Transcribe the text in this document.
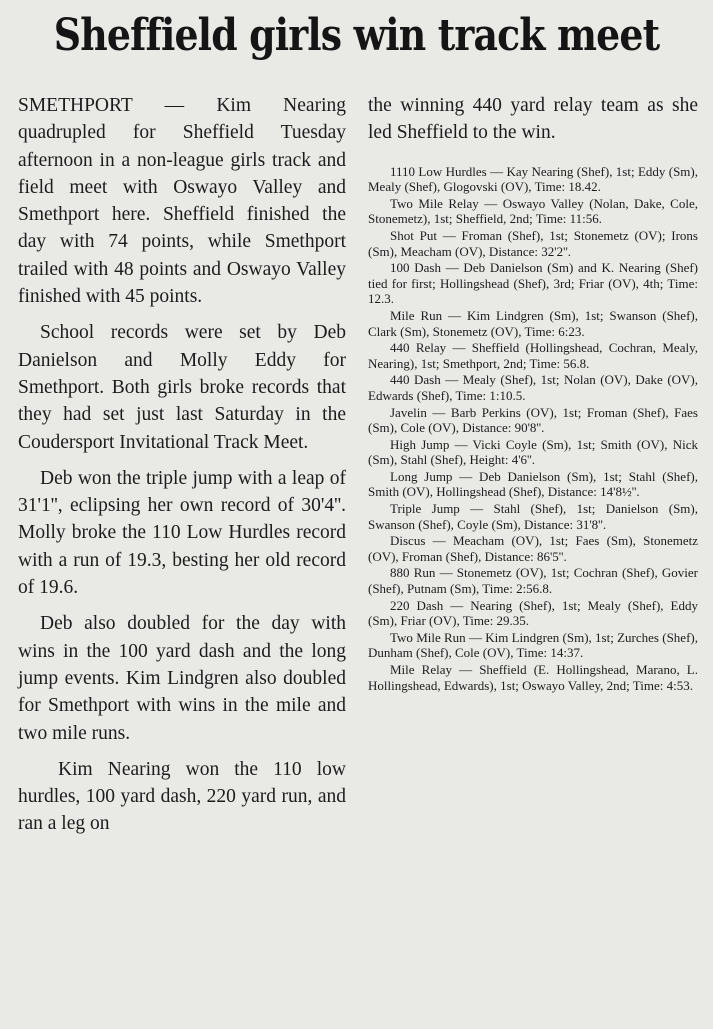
Sheffield girls win track meet

SMETHPORT — Kim Nearing quadrupled for Sheffield Tuesday afternoon in a non-league girls track and field meet with Oswayo Valley and Smethport here. Sheffield finished the day with 74 points, while Smethport trailed with 48 points and Oswayo Valley finished with 45 points.

School records were set by Deb Danielson and Molly Eddy for Smethport. Both girls broke records that they had set just last Saturday in the Coudersport Invitational Track Meet.

Deb won the triple jump with a leap of 31'1'', eclipsing her own record of 30'4''. Molly broke the 110 Low Hurdles record with a run of 19.3, besting her old record of 19.6.

Deb also doubled for the day with wins in the 100 yard dash and the long jump events. Kim Lindgren also doubled for Smethport with wins in the mile and two mile runs.

Kim Nearing won the 110 low hurdles, 100 yard dash, 220 yard run, and ran a leg on

the winning 440 yard relay team as she led Sheffield to the win.

1110 Low Hurdles — Kay Nearing (Shef), 1st; Eddy (Sm), Mealy (Shef), Glogovski (OV), Time: 18.42.

Two Mile Relay — Oswayo Valley (Nolan, Dake, Cole, Stonemetz), 1st; Sheffield, 2nd; Time: 11:56.

Shot Put — Froman (Shef), 1st; Stonemetz (OV); Irons (Sm), Meacham (OV), Distance: 32'2''.

100 Dash — Deb Danielson (Sm) and K. Nearing (Shef) tied for first; Hollingshead (Shef), 3rd; Friar (OV), 4th; Time: 12.3.

Mile Run — Kim Lindgren (Sm), 1st; Swanson (Shef), Clark (Sm), Stonemetz (OV), Time: 6:23.

440 Relay — Sheffield (Hollingshead, Cochran, Mealy, Nearing), 1st; Smethport, 2nd; Time: 56.8.

440 Dash — Mealy (Shef), 1st; Nolan (OV), Dake (OV), Edwards (Shef), Time: 1:10.5.

Javelin — Barb Perkins (OV), 1st; Froman (Shef), Faes (Sm), Cole (OV), Distance: 90'8''.

High Jump — Vicki Coyle (Sm), 1st; Smith (OV), Nick (Sm), Stahl (Shef), Height: 4'6''.

Long Jump — Deb Danielson (Sm), 1st; Stahl (Shef), Smith (OV), Hollingshead (Shef), Distance: 14'8½''.

Triple Jump — Stahl (Shef), 1st; Danielson (Sm), Swanson (Shef), Coyle (Sm), Distance: 31'8''.

Discus — Meacham (OV), 1st; Faes (Sm), Stonemetz (OV), Froman (Shef), Distance: 86'5''.

880 Run — Stonemetz (OV), 1st; Cochran (Shef), Govier (Shef), Putnam (Sm), Time: 2:56.8.

220 Dash — Nearing (Shef), 1st; Mealy (Shef), Eddy (Sm), Friar (OV), Time: 29.35.

Two Mile Run — Kim Lindgren (Sm), 1st; Zurches (Shef), Dunham (Shef), Cole (OV), Time: 14:37.

Mile Relay — Sheffield (E. Hollingshead, Marano, L. Hollingshead, Edwards), 1st; Oswayo Valley, 2nd; Time: 4:53.
